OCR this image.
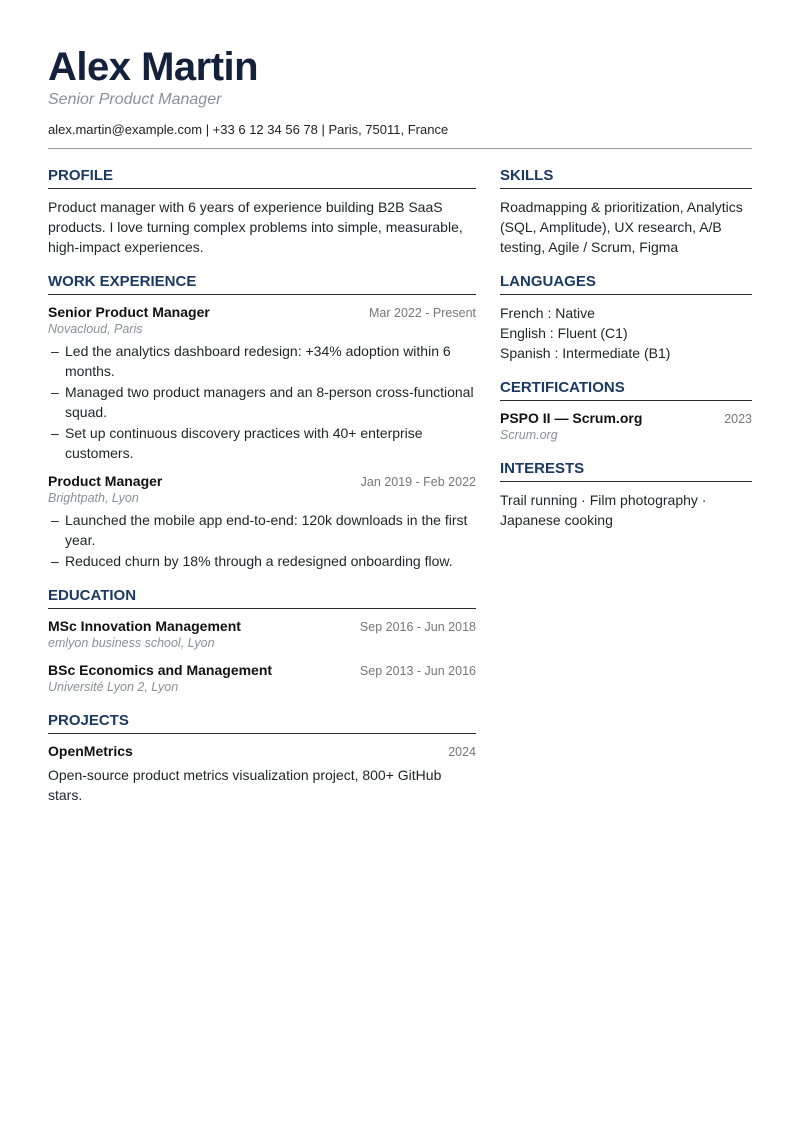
Alex Martin
Senior Product Manager
alex.martin@example.com | +33 6 12 34 56 78 | Paris, 75011, France
PROFILE
Product manager with 6 years of experience building B2B SaaS products. I love turning complex problems into simple, measurable, high-impact experiences.
WORK EXPERIENCE
Senior Product Manager	Mar 2022 - Present
Novacloud, Paris
– Led the analytics dashboard redesign: +34% adoption within 6 months.
– Managed two product managers and an 8-person cross-functional squad.
– Set up continuous discovery practices with 40+ enterprise customers.
Product Manager	Jan 2019 - Feb 2022
Brightpath, Lyon
– Launched the mobile app end-to-end: 120k downloads in the first year.
– Reduced churn by 18% through a redesigned onboarding flow.
EDUCATION
MSc Innovation Management	Sep 2016 - Jun 2018
emlyon business school, Lyon
BSc Economics and Management	Sep 2013 - Jun 2016
Université Lyon 2, Lyon
PROJECTS
OpenMetrics	2024
Open-source product metrics visualization project, 800+ GitHub stars.
SKILLS
Roadmapping & prioritization, Analytics (SQL, Amplitude), UX research, A/B testing, Agile / Scrum, Figma
LANGUAGES
French : Native
English : Fluent (C1)
Spanish : Intermediate (B1)
CERTIFICATIONS
PSPO II — Scrum.org	2023
Scrum.org
INTERESTS
Trail running · Film photography · Japanese cooking
